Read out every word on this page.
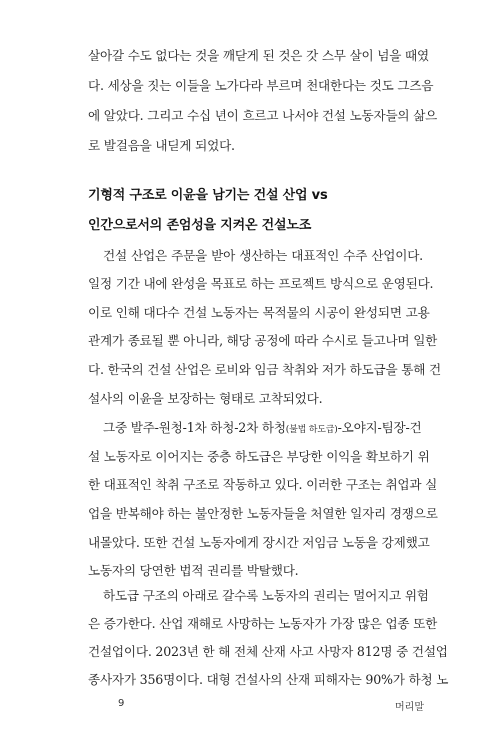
살아갈 수도 없다는 것을 깨닫게 된 것은 갓 스무 살이 넘을 때였
다. 세상을 짓는 이들을 노가다라 부르며 천대한다는 것도 그즈음
에 알았다. 그리고 수십 년이 흐르고 나서야 건설 노동자들의 삶으
로 발걸음을 내딛게 되었다.
기형적 구조로 이윤을 남기는 건설 산업 vs
인간으로서의 존엄성을 지켜온 건설노조
건설 산업은 주문을 받아 생산하는 대표적인 수주 산업이다.
일정 기간 내에 완성을 목표로 하는 프로젝트 방식으로 운영된다.
이로 인해 대다수 건설 노동자는 목적물의 시공이 완성되면 고용
관계가 종료될 뿐 아니라, 해당 공정에 따라 수시로 들고나며 일한
다. 한국의 건설 산업은 로비와 임금 착취와 저가 하도급을 통해 건
설사의 이윤을 보장하는 형태로 고착되었다.
그중 발주-원청-1차 하청-2차 하청(불법 하도급)-오야지-팀장-건
설 노동자로 이어지는 중층 하도급은 부당한 이익을 확보하기 위
한 대표적인 착취 구조로 작동하고 있다. 이러한 구조는 취업과 실
업을 반복해야 하는 불안정한 노동자들을 처열한 일자리 경쟁으로
내몰았다. 또한 건설 노동자에게 장시간 저임금 노동을 강제했고
노동자의 당연한 법적 권리를 박탈했다.
하도급 구조의 아래로 갈수록 노동자의 권리는 멀어지고 위험
은 증가한다. 산업 재해로 사망하는 노동자가 가장 많은 업종 또한
9	머리말
건설업이다. 2023년 한 해 전체 산재 사고 사망자 812명 중 건설업
종사자가 356명이다. 대형 건설사의 산재 피해자는 90%가 하청 노
